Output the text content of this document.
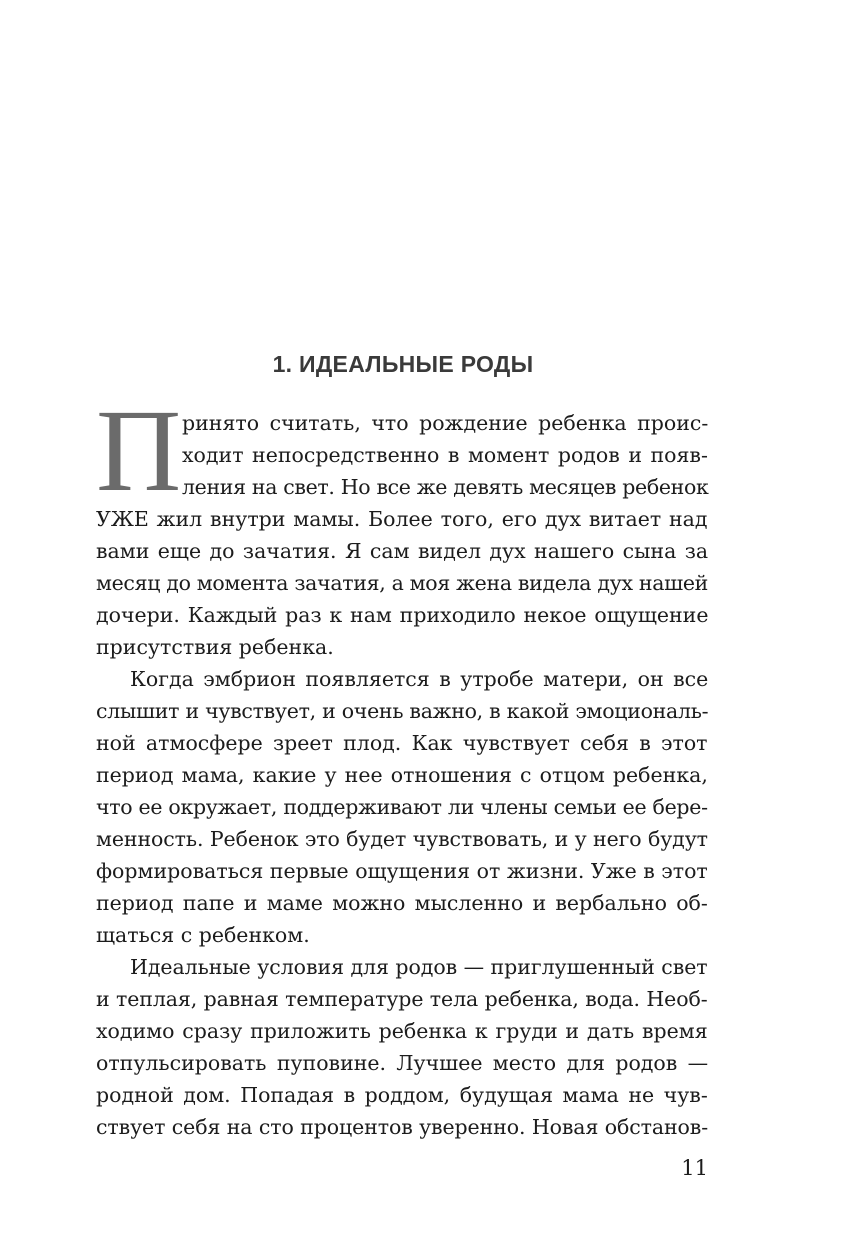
1. ИДЕАЛЬНЫЕ РОДЫ
П ринято считать, что рождение ребенка проис-
ходит непосредственно в момент родов и появ-
ления на свет. Но все же девять месяцев ребенок
УЖЕ жил внутри мамы. Более того, его дух витает над
вами еще до зачатия. Я сам видел дух нашего сына за
месяц до момента зачатия, а моя жена видела дух нашей
дочери. Каждый раз к нам приходило некое ощущение
присутствия ребенка.
Когда эмбрион появляется в утробе матери, он все
слышит и чувствует, и очень важно, в какой эмоциональ-
ной атмосфере зреет плод. Как чувствует себя в этот
период мама, какие у нее отношения с отцом ребенка,
что ее окружает, поддерживают ли члены семьи ее бере-
менность. Ребенок это будет чувствовать, и у него будут
формироваться первые ощущения от жизни. Уже в этот
период папе и маме можно мысленно и вербально об-
щаться с ребенком.
Идеальные условия для родов — приглушенный свет
и теплая, равная температуре тела ребенка, вода. Необ-
ходимо сразу приложить ребенка к груди и дать время
отпульсировать пуповине. Лучшее место для родов —
родной дом. Попадая в роддом, будущая мама не чув-
ствует себя на сто процентов уверенно. Новая обстанов-
11
